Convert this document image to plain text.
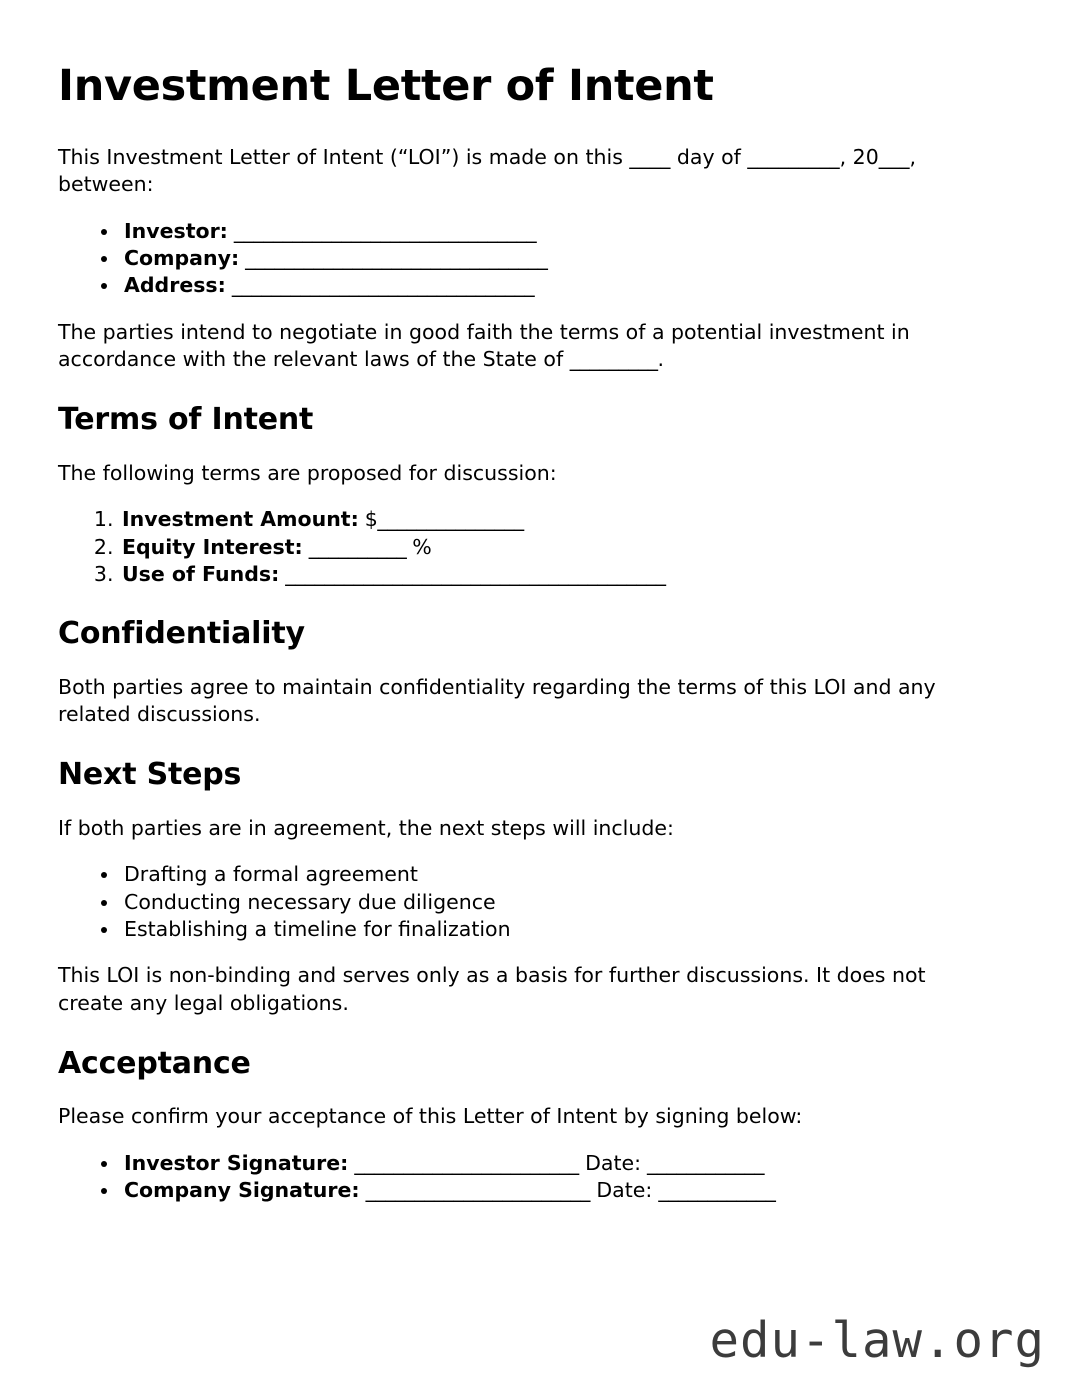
Investment Letter of Intent

This Investment Letter of Intent (“LOI”) is made on this ____ day of _________, 20___, between:

• Investor: _______________________________
• Company: _______________________________
• Address: _______________________________

The parties intend to negotiate in good faith the terms of a potential investment in accordance with the relevant laws of the State of _________.

Terms of Intent

The following terms are proposed for discussion:

1. Investment Amount: $_______________
2. Equity Interest: __________ %
3. Use of Funds: _______________________________________
Confidentiality

Both parties agree to maintain confidentiality regarding the terms of this LOI and any related discussions.

Next Steps

If both parties are in agreement, the next steps will include:

• Drafting a formal agreement
• Conducting necessary due diligence
• Establishing a timeline for finalization

This LOI is non-binding and serves only as a basis for further discussions. It does not create any legal obligations.

Acceptance

Please confirm your acceptance of this Letter of Intent by signing below:

• Investor Signature: _______________________ Date: ____________
• Company Signature: _______________________ Date: ____________
edu-law.org
